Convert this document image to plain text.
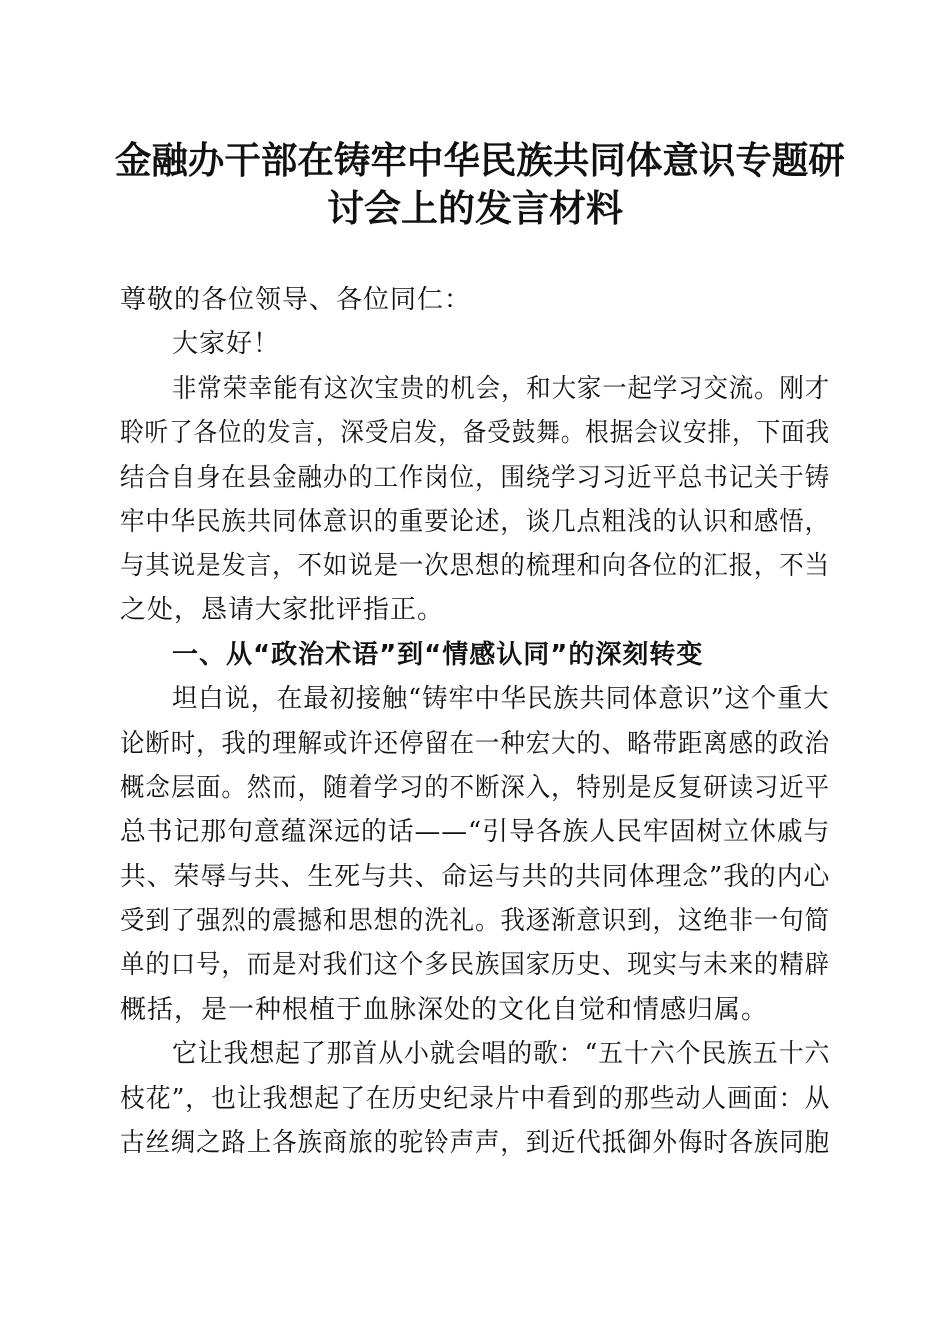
金融办干部在铸牢中华民族共同体意识专题研
讨会上的发言材料
尊敬的各位领导、各位同仁：
大家好！
非常荣幸能有这次宝贵的机会，和大家一起学习交流。刚才
聆听了各位的发言，深受启发，备受鼓舞。根据会议安排，下面我
结合自身在县金融办的工作岗位，围绕学习习近平总书记关于铸
牢中华民族共同体意识的重要论述，谈几点粗浅的认识和感悟，
与其说是发言，不如说是一次思想的梳理和向各位的汇报，不当
之处，恳请大家批评指正。
一、从“政治术语”到“情感认同”的深刻转变
坦白说，在最初接触“铸牢中华民族共同体意识”这个重大
论断时，我的理解或许还停留在一种宏大的、略带距离感的政治
概念层面。然而，随着学习的不断深入，特别是反复研读习近平
总书记那句意蕴深远的话——“引导各族人民牢固树立休戚与
共、荣辱与共、生死与共、命运与共的共同体理念”我的内心
受到了强烈的震撼和思想的洗礼。我逐渐意识到，这绝非一句简
单的口号，而是对我们这个多民族国家历史、现实与未来的精辟
概括，是一种根植于血脉深处的文化自觉和情感归属。
它让我想起了那首从小就会唱的歌：“五十六个民族五十六
枝花”，也让我想起了在历史纪录片中看到的那些动人画面：从
古丝绸之路上各族商旅的驼铃声声，到近代抵御外侮时各族同胞
